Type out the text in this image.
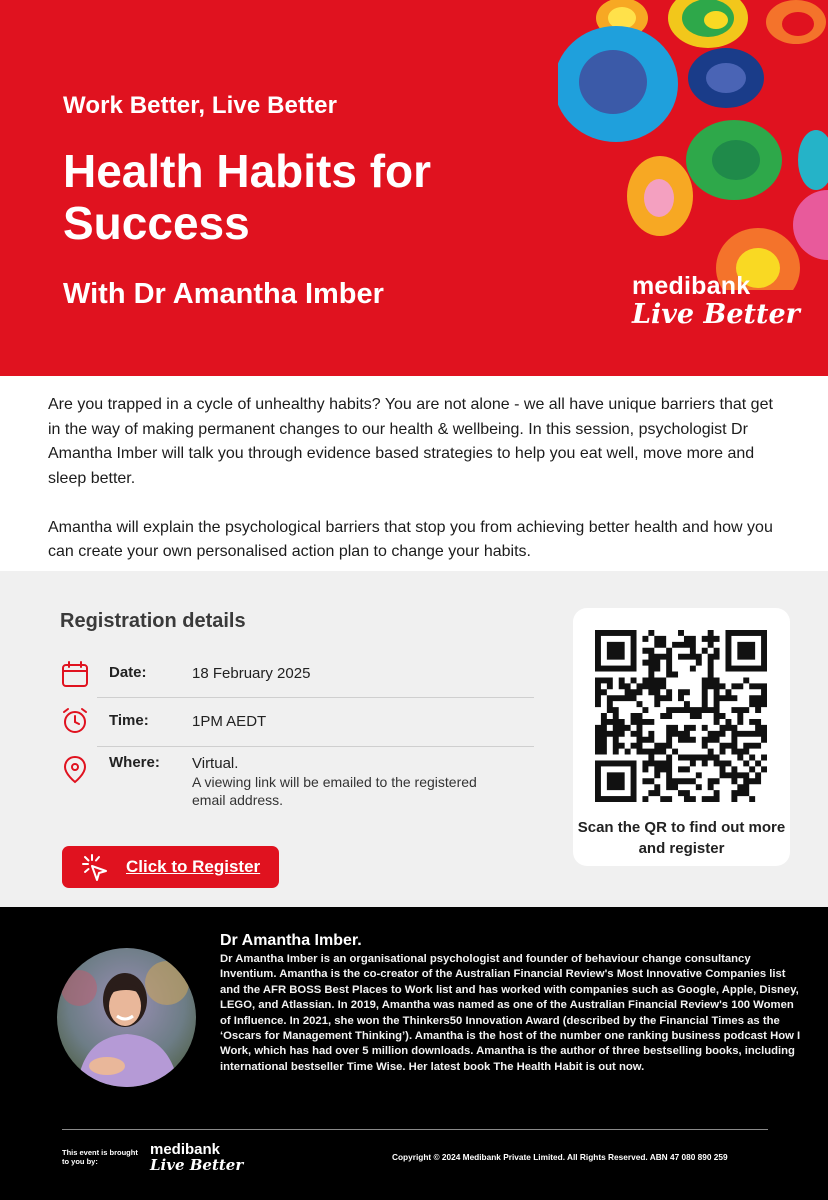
Work Better, Live Better
Health Habits for Success
With Dr Amantha Imber	medibank
Live Better

Are you trapped in a cycle of unhealthy habits? You are not alone - we all have unique barriers that get in the way of making permanent changes to our health & wellbeing. In this session, psychologist Dr Amantha Imber will talk you through evidence based strategies to help you eat well, move more and sleep better.

Amantha will explain the psychological barriers that stop you from achieving better health and how you can create your own personalised action plan to change your habits.

Registration details
Date:	18 February 2025
Time:	1PM AEDT
Where: Virtual.
A viewing link will be emailed to the registered email address.
Click to Register
Scan the QR to find out more and register
Dr Amantha Imber.
Dr Amantha Imber is an organisational psychologist and founder of behaviour change consultancy Inventium. Amantha is the co-creator of the Australian Financial Review's Most Innovative Companies list and the AFR BOSS Best Places to Work list and has worked with companies such as Google, Apple, Disney, LEGO, and Atlassian. In 2019, Amantha was named as one of the Australian Financial Review's 100 Women of Influence. In 2021, she won the Thinkers50 Innovation Award (described by the Financial Times as the ‘Oscars for Management Thinking’). Amantha is the host of the number one ranking business podcast How I Work, which has had over 5 million downloads. Amantha is the author of three bestselling books, including international bestseller Time Wise. Her latest book The Health Habit is out now.
This event is brought to you by:
medibank
Live Better	Copyright © 2024 Medibank Private Limited. All Rights Reserved. ABN 47 080 890 259
